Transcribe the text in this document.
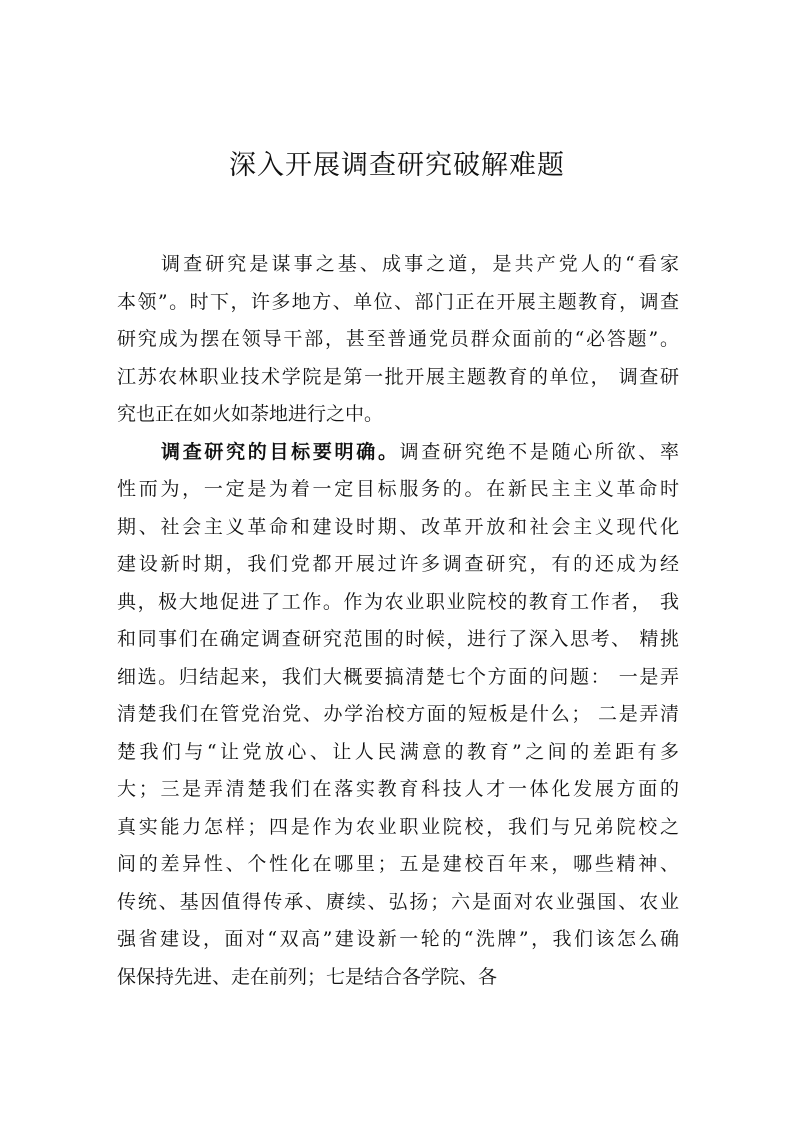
深入开展调查研究破解难题
调查研究是谋事之基、成事之道，是共产党人的“看家
本领”。时下，许多地方、单位、部门正在开展主题教育，调查
研究成为摆在领导干部，甚至普通党员群众面前的“必答题”。
江苏农林职业技术学院是第一批开展主题教育的单位， 调查研
究也正在如火如荼地进行之中。
调查研究的目标要明确。调查研究绝不是随心所欲、率
性而为，一定是为着一定目标服务的。在新民主主义革命时
期、社会主义革命和建设时期、改革开放和社会主义现代化
建设新时期，我们党都开展过许多调查研究，有的还成为经
典，极大地促进了工作。作为农业职业院校的教育工作者， 我
和同事们在确定调查研究范围的时候，进行了深入思考、 精挑
细选。归结起来，我们大概要搞清楚七个方面的问题： 一是弄
清楚我们在管党治党、办学治校方面的短板是什么； 二是弄清
楚我们与“让党放心、让人民满意的教育”之间的差距有多
大；三是弄清楚我们在落实教育科技人才一体化发展方面的
真实能力怎样；四是作为农业职业院校，我们与兄弟院校之
间的差异性、个性化在哪里；五是建校百年来，哪些精神、
传统、基因值得传承、赓续、弘扬；六是面对农业强国、农业
强省建设，面对“双高”建设新一轮的“洗牌”，我们该怎么确
保保持先进、走在前列；七是结合各学院、各
